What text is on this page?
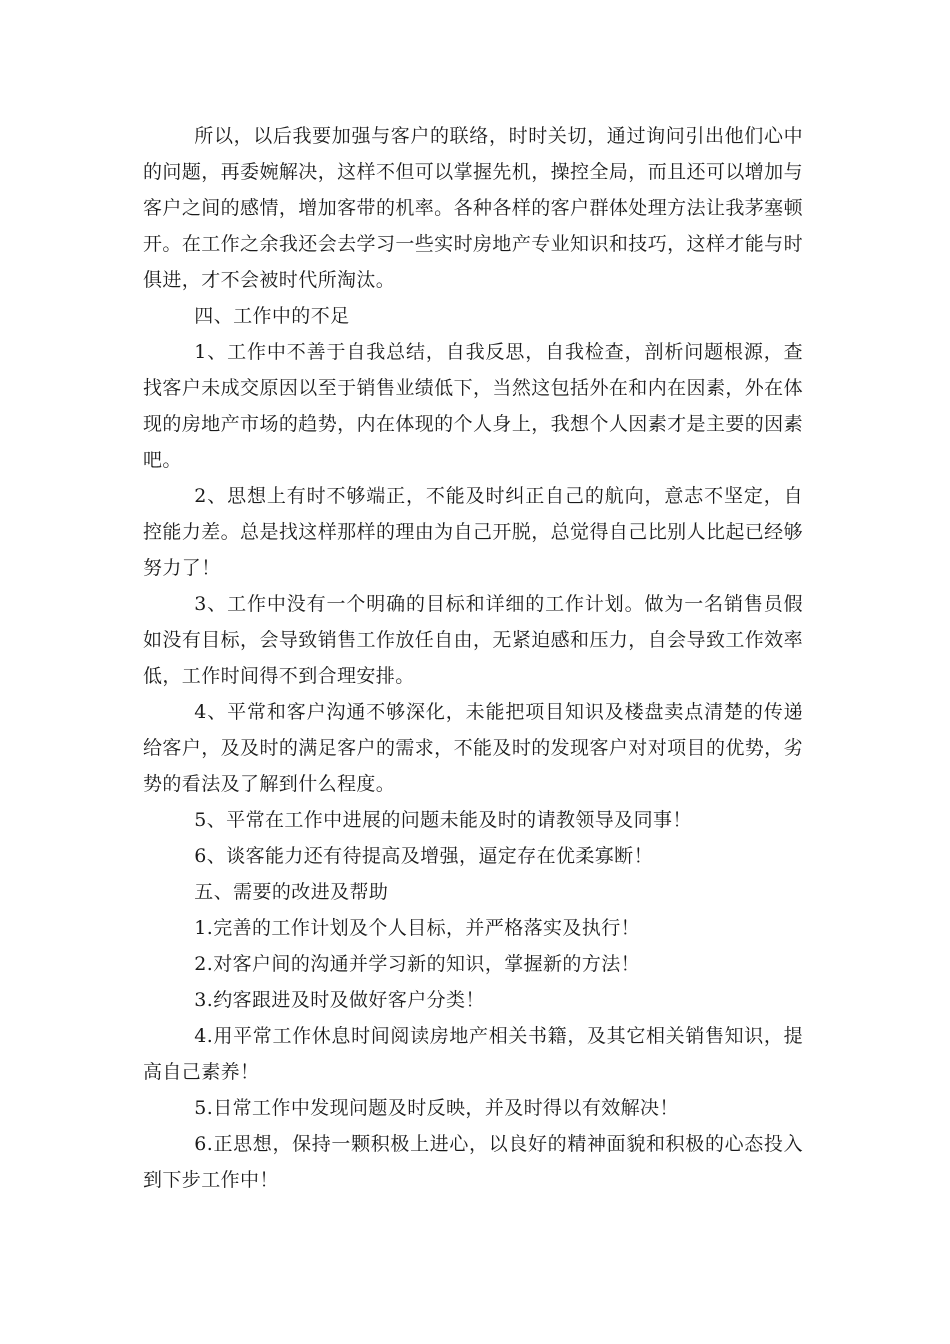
所以，以后我要加强与客户的联络，时时关切，通过询问引出他们心中的问题，再委婉解决，这样不但可以掌握先机，操控全局，而且还可以增加与客户之间的感情，增加客带的机率。各种各样的客户群体处理方法让我茅塞顿开。在工作之余我还会去学习一些实时房地产专业知识和技巧，这样才能与时俱进，才不会被时代所淘汰。

四、工作中的不足

1、工作中不善于自我总结，自我反思，自我检查，剖析问题根源，查找客户未成交原因以至于销售业绩低下，当然这包括外在和内在因素，外在体现的房地产市场的趋势，内在体现的个人身上，我想个人因素才是主要的因素吧。

2、思想上有时不够端正，不能及时纠正自己的航向，意志不坚定，自控能力差。总是找这样那样的理由为自己开脱，总觉得自己比别人比起已经够努力了！

3、工作中没有一个明确的目标和详细的工作计划。做为一名销售员假如没有目标，会导致销售工作放任自由，无紧迫感和压力，自会导致工作效率低，工作时间得不到合理安排。

4、平常和客户沟通不够深化，未能把项目知识及楼盘卖点清楚的传递给客户，及及时的满足客户的需求，不能及时的发现客户对对项目的优势，劣势的看法及了解到什么程度。

5、平常在工作中进展的问题未能及时的请教领导及同事！

6、谈客能力还有待提高及增强，逼定存在优柔寡断！

五、需要的改进及帮助

1.完善的工作计划及个人目标，并严格落实及执行！

2.对客户间的沟通并学习新的知识，掌握新的方法！

3.约客跟进及时及做好客户分类！

4.用平常工作休息时间阅读房地产相关书籍，及其它相关销售知识，提高自己素养！

5.日常工作中发现问题及时反映，并及时得以有效解决！

6.正思想，保持一颗积极上进心，以良好的精神面貌和积极的心态投入到下步工作中！
